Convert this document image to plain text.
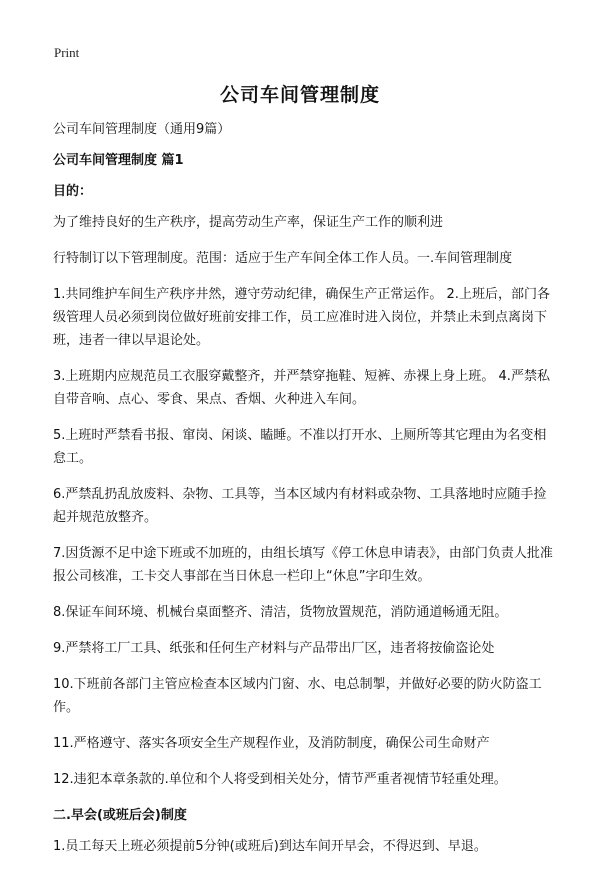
Print
公司车间管理制度

公司车间管理制度（通用9篇）

公司车间管理制度 篇1

目的：

为了维持良好的生产秩序，提高劳动生产率，保证生产工作的顺利进

行特制订以下管理制度。范围：适应于生产车间全体工作人员。一.车间管理制度

1.共同维护车间生产秩序井然，遵守劳动纪律，确保生产正常运作。 2.上班后，部门各级管理人员必须到岗位做好班前安排工作，员工应准时进入岗位，并禁止未到点离岗下班，违者一律以早退论处。

3.上班期内应规范员工衣服穿戴整齐，并严禁穿拖鞋、短裤、赤裸上身上班。 4.严禁私自带音响、点心、零食、果点、香烟、火种进入车间。

5.上班时严禁看书报、窜岗、闲谈、瞌睡。不准以打开水、上厕所等其它理由为名变相怠工。

6.严禁乱扔乱放废料、杂物、工具等，当本区域内有材料或杂物、工具落地时应随手捡起并规范放整齐。

7.因货源不足中途下班或不加班的，由组长填写《停工休息申请表》，由部门负责人批准报公司核准，工卡交人事部在当日休息一栏印上“休息”字印生效。

8.保证车间环境、机械台桌面整齐、清洁，货物放置规范，消防通道畅通无阻。

9.严禁将工厂工具、纸张和任何生产材料与产品带出厂区，违者将按偷盗论处

10.下班前各部门主管应检查本区域内门窗、水、电总制掣，并做好必要的防火防盗工作。

11.严格遵守、落实各项安全生产规程作业，及消防制度，确保公司生命财产

12.违犯本章条款的.单位和个人将受到相关处分，情节严重者视情节轻重处理。

二.早会(或班后会)制度

1.员工每天上班必须提前5分钟(或班后)到达车间开早会，不得迟到、早退。
